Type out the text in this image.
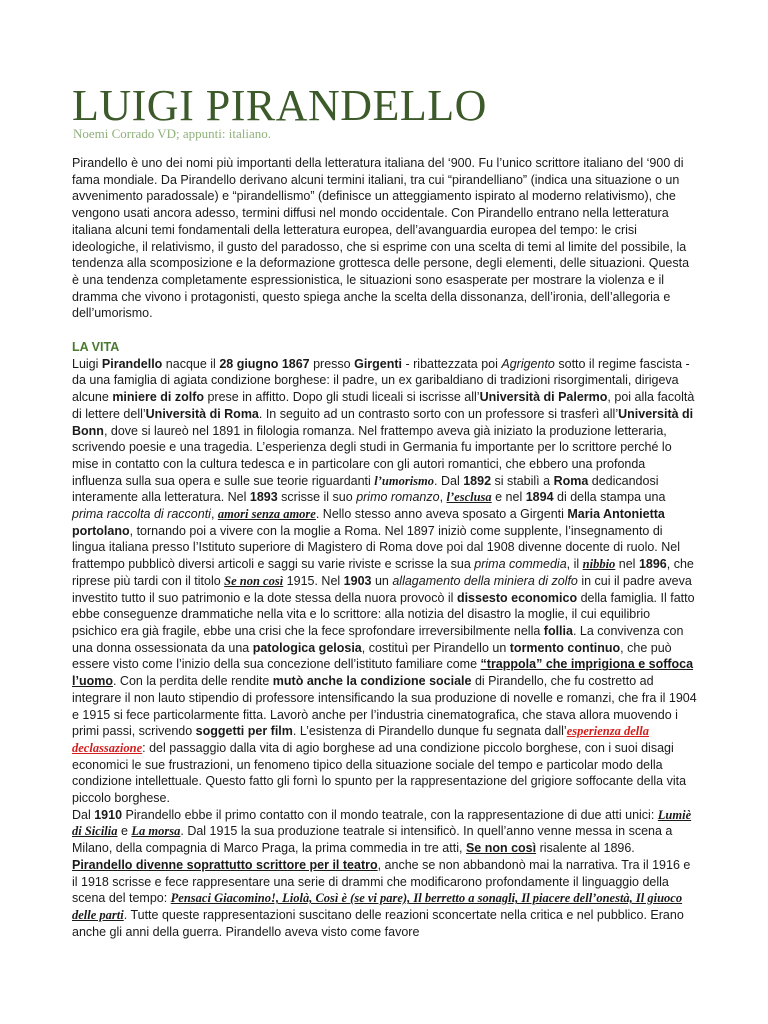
LUIGI PIRANDELLO
Noemi Corrado VD; appunti: italiano.

Pirandello è uno dei nomi più importanti della letteratura italiana del ‘900. Fu l’unico scrittore italiano del ‘900 di fama mondiale. Da Pirandello derivano alcuni termini italiani, tra cui “pirandelliano” (indica una situazione o un avvenimento paradossale) e “pirandellismo” (definisce un atteggiamento ispirato al moderno relativismo), che vengono usati ancora adesso, termini diffusi nel mondo occidentale. Con Pirandello entrano nella letteratura italiana alcuni temi fondamentali della letteratura europea, dell’avanguardia europea del tempo: le crisi ideologiche, il relativismo, il gusto del paradosso, che si esprime con una scelta di temi al limite del possibile, la tendenza alla scomposizione e la deformazione grottesca delle persone, degli elementi, delle situazioni. Questa è una tendenza completamente espressionistica, le situazioni sono esasperate per mostrare la violenza e il dramma che vivono i protagonisti, questo spiega anche la scelta della dissonanza, dell’ironia, dell’allegoria e dell’umorismo.

LA VITA

Luigi Pirandello nacque il 28 giugno 1867 presso Girgenti - ribattezzata poi Agrigento sotto il regime fascista - da una famiglia di agiata condizione borghese: il padre, un ex garibaldiano di tradizioni risorgimentali, dirigeva alcune miniere di zolfo prese in affitto. Dopo gli studi liceali si iscrisse all’Università di Palermo, poi alla facoltà di lettere dell’Università di Roma. In seguito ad un contrasto sorto con un professore si trasferì all’Università di Bonn, dove si laureò nel 1891 in filologia romanza. Nel frattempo aveva già iniziato la produzione letteraria, scrivendo poesie e una tragedia. L’esperienza degli studi in Germania fu importante per lo scrittore perché lo mise in contatto con la cultura tedesca e in particolare con gli autori romantici, che ebbero una profonda influenza sulla sua opera e sulle sue teorie riguardanti l’umorismo. Dal 1892 si stabilì a Roma dedicandosi interamente alla letteratura. Nel 1893 scrisse il suo primo romanzo, l’esclusa e nel 1894 di della stampa una prima raccolta di racconti, amori senza amore. Nello stesso anno aveva sposato a Girgenti Maria Antonietta portolano, tornando poi a vivere con la moglie a Roma. Nel 1897 iniziò come supplente, l’insegnamento di lingua italiana presso l’Istituto superiore di Magistero di Roma dove poi dal 1908 divenne docente di ruolo. Nel frattempo pubblicò diversi articoli e saggi su varie riviste e scrisse la sua prima commedia, il nibbio nel 1896, che riprese più tardi con il titolo Se non così 1915. Nel 1903 un allagamento della miniera di zolfo in cui il padre aveva investito tutto il suo patrimonio e la dote stessa della nuora provocò il dissesto economico della famiglia. Il fatto ebbe conseguenze drammatiche nella vita e lo scrittore: alla notizia del disastro la moglie, il cui equilibrio psichico era già fragile, ebbe una crisi che la fece sprofondare irreversibilmente nella follia. La convivenza con una donna ossessionata da una patologica gelosia, costituì per Pirandello un tormento continuo, che può essere visto come l’inizio della sua concezione dell’istituto familiare come “trappola” che imprigiona e soffoca l’uomo. Con la perdita delle rendite mutò anche la condizione sociale di Pirandello, che fu costretto ad integrare il non lauto stipendio di professore intensificando la sua produzione di novelle e romanzi, che fra il 1904 e 1915 si fece particolarmente fitta. Lavorò anche per l’industria cinematografica, che stava allora muovendo i primi passi, scrivendo soggetti per film. L’esistenza di Pirandello dunque fu segnata dall’esperienza della declassazione: del passaggio dalla vita di agio borghese ad una condizione piccolo borghese, con i suoi disagi economici le sue frustrazioni, un fenomeno tipico della situazione sociale del tempo e particolar modo della condizione intellettuale. Questo fatto gli fornì lo spunto per la rappresentazione del grigiore soffocante della vita piccolo borghese.

Dal 1910 Pirandello ebbe il primo contatto con il mondo teatrale, con la rappresentazione di due atti unici: Lumiè di Sicilia e La morsa. Dal 1915 la sua produzione teatrale si intensificò. In quell’anno venne messa in scena a Milano, della compagnia di Marco Praga, la prima commedia in tre atti, Se non così risalente al 1896. Pirandello divenne soprattutto scrittore per il teatro, anche se non abbandonò mai la narrativa. Tra il 1916 e il 1918 scrisse e fece rappresentare una serie di drammi che modificarono profondamente il linguaggio della scena del tempo: Pensaci Giacomino!, Liolà, Così è (se vi pare), Il berretto a sonagli, Il piacere dell’onestà, Il giuoco delle parti. Tutte queste rappresentazioni suscitano delle reazioni sconcertate nella critica e nel pubblico. Erano anche gli anni della guerra. Pirandello aveva visto come favore
